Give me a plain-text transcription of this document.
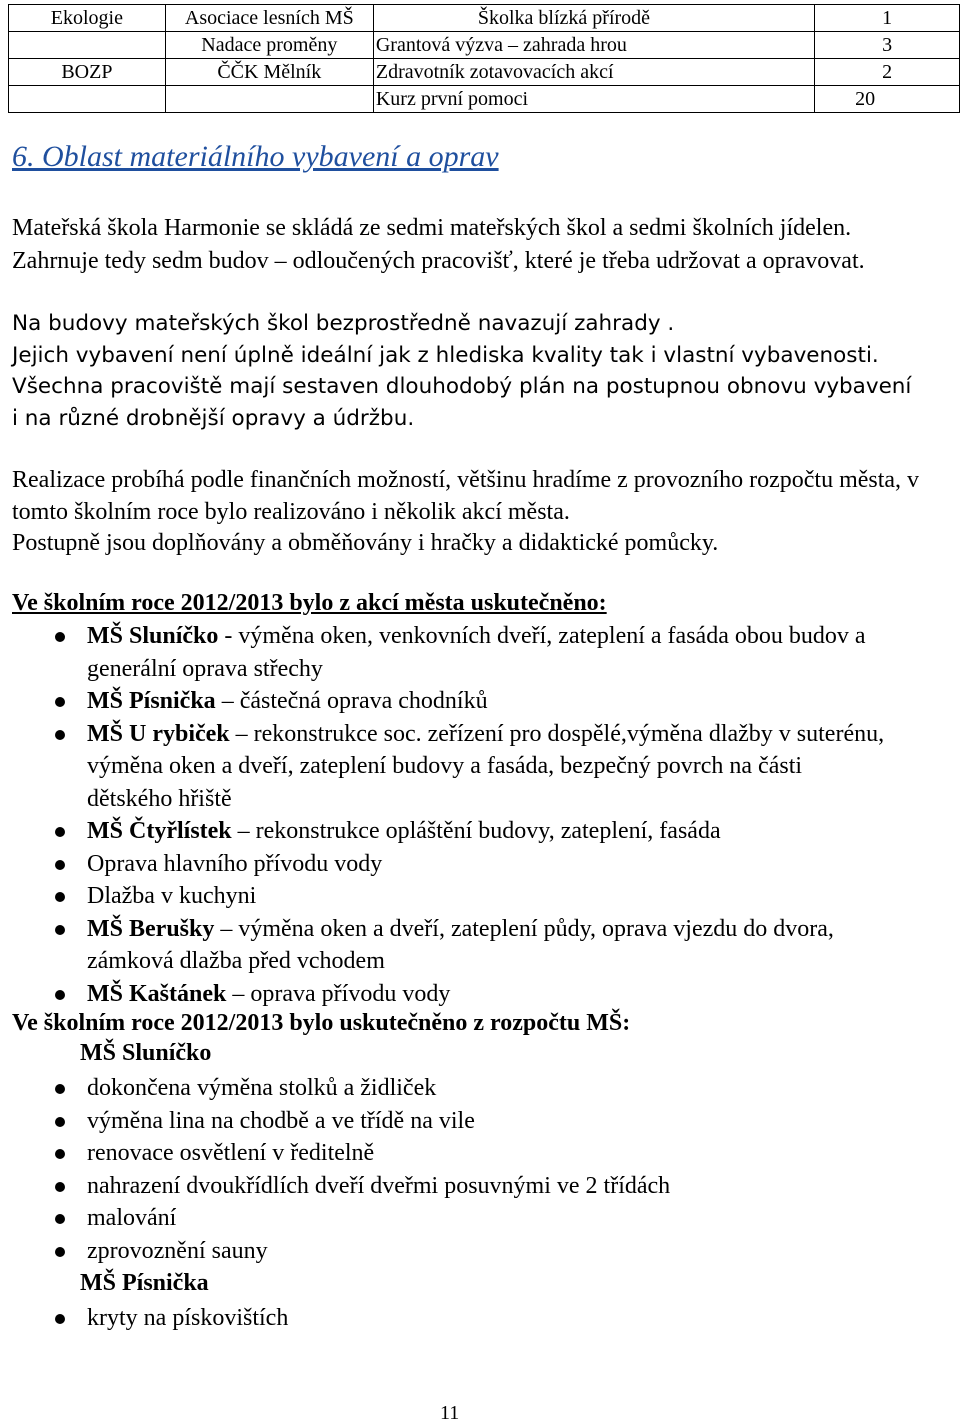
Ekologie	Asociace lesních MŠ	Školka blízká přírodě	1
	Nadace proměny	Grantová výzva – zahrada hrou	3
BOZP	ČČK Mělník	Zdravotník zotavovacích akcí	2
		Kurz první pomoci	20
6. Oblast materiálního vybavení a oprav

Mateřská škola Harmonie se skládá ze sedmi mateřských škol a sedmi školních jídelen. Zahrnuje tedy sedm budov – odloučených pracovišť, které je třeba udržovat a opravovat.

Na budovy mateřských škol bezprostředně navazují zahrady .

Jejich vybavení není úplně ideální jak z hlediska kvality tak i vlastní vybavenosti.

Všechna pracoviště mají sestaven dlouhodobý plán na postupnou obnovu vybavení i na různé drobnější opravy a údržbu.

Realizace probíhá podle finančních možností, většinu hradíme z provozního rozpočtu města, v tomto školním roce bylo realizováno i několik akcí města.

Postupně jsou doplňovány a obměňovány i hračky a didaktické pomůcky.

Ve školním roce 2012/2013 bylo z akcí města uskutečněno:
MŠ Sluníčko - výměna oken, venkovních dveří, zateplení a fasáda obou budov a generální oprava střechy
MŠ Písnička – částečná oprava chodníků
MŠ U rybiček – rekonstrukce soc. zeřízení pro dospělé,výměna dlažby v suterénu, výměna oken a dveří, zateplení budovy a fasáda, bezpečný povrch na části dětského hřiště
MŠ Čtyřlístek – rekonstrukce opláštění budovy, zateplení, fasáda
Oprava hlavního přívodu vody
Dlažba v kuchyni
MŠ Berušky – výměna oken a dveří, zateplení půdy, oprava vjezdu do dvora, zámková dlažba před vchodem
MŠ Kaštánek – oprava přívodu vody
Ve školním roce 2012/2013 bylo uskutečněno z rozpočtu MŠ:
MŠ Sluníčko
dokončena výměna stolků a židliček
výměna lina na chodbě a ve třídě na vile
renovace osvětlení v ředitelně
nahrazení dvoukřídlích dveří dveřmi posuvnými ve 2 třídách
malování
zprovoznění sauny
MŠ Písnička
kryty na pískovištích
11
